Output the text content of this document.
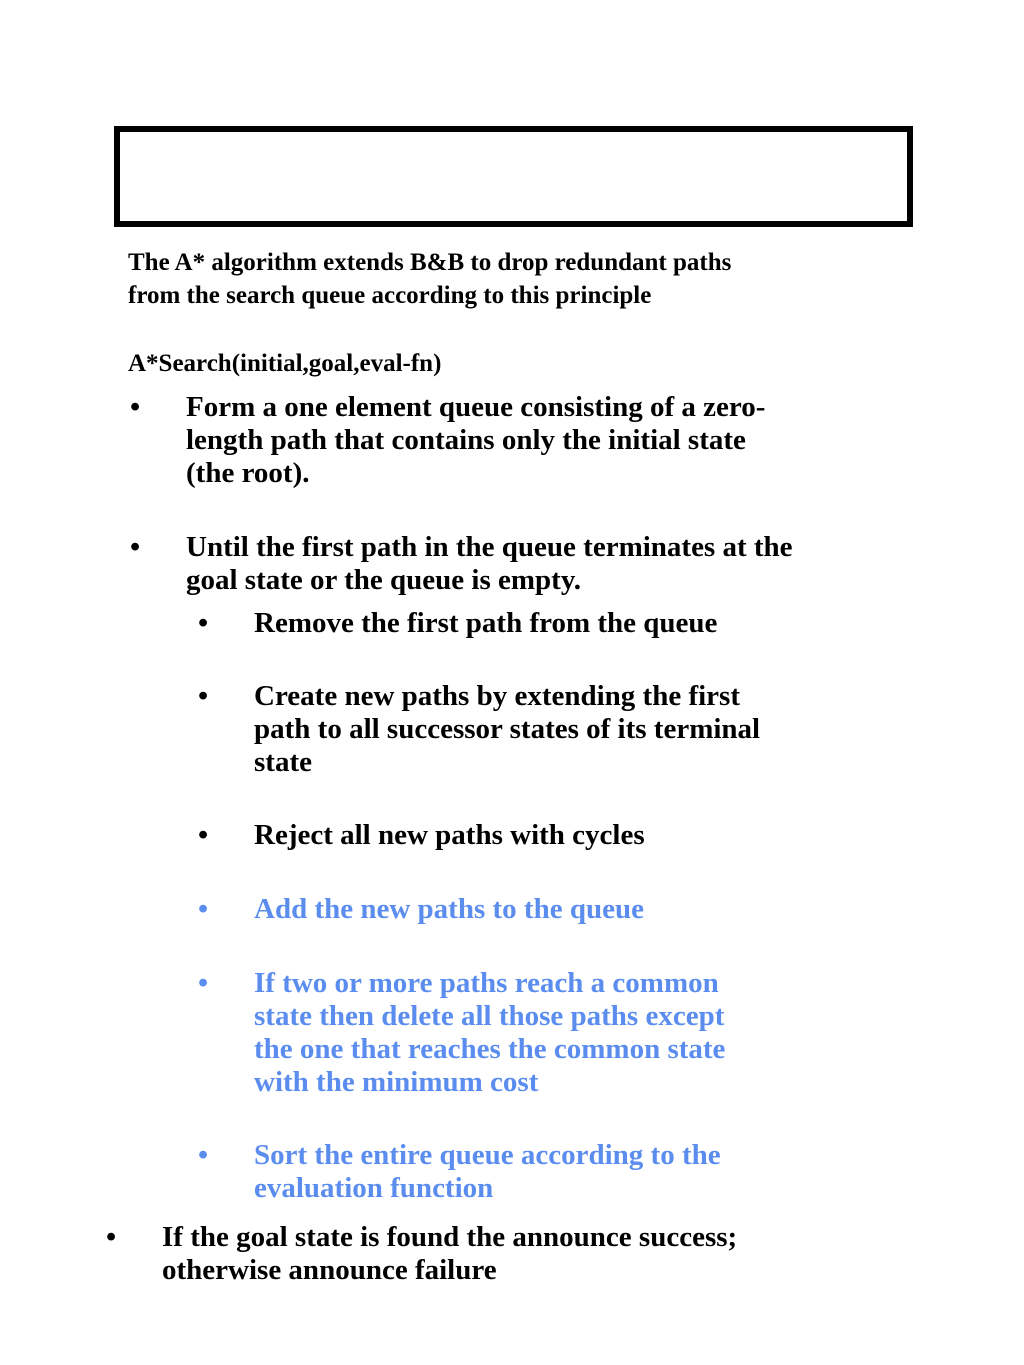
The A* algorithm extends B&B to drop redundant paths
from the search queue according to this principle

A*Search(initial,goal,eval-fn)

• Form a one element queue consisting of a zero-
length path that contains only the initial state
(the root).
• Until the first path in the queue terminates at the
goal state or the queue is empty.
• Remove the first path from the queue
• Create new paths by extending the first
path to all successor states of its terminal
state
• Reject all new paths with cycles
• Add the new paths to the queue
• If two or more paths reach a common
state then delete all those paths except
the one that reaches the common state
with the minimum cost
• Sort the entire queue according to the
evaluation function
• If the goal state is found the announce success;
otherwise announce failure
